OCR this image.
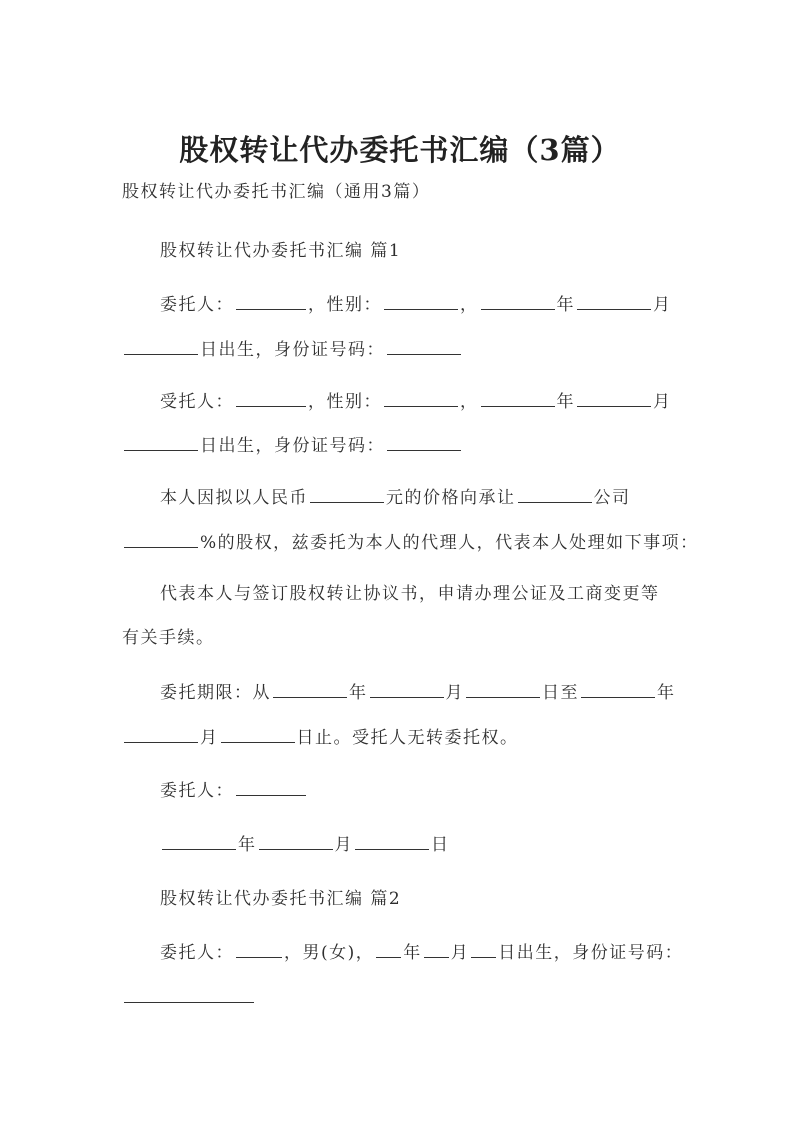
股权转让代办委托书汇编（3篇）
股权转让代办委托书汇编（通用3篇）
股权转让代办委托书汇编 篇1
委托人：	，性别：	，	年	月
日出生，身份证号码：
受托人：	，性别：	，	年	月
日出生，身份证号码：
本人因拟以人民币	元的价格向承让	公司
%的股权，兹委托为本人的代理人，代表本人处理如下事项：
代表本人与签订股权转让协议书，申请办理公证及工商变更等
有关手续。
委托期限：从	年	月	日至	年
月	日止。受托人无转委托权。
委托人：
年	月	日
股权转让代办委托书汇编 篇2
委托人：	，男(女)， 年 月 日出生，身份证号码：
